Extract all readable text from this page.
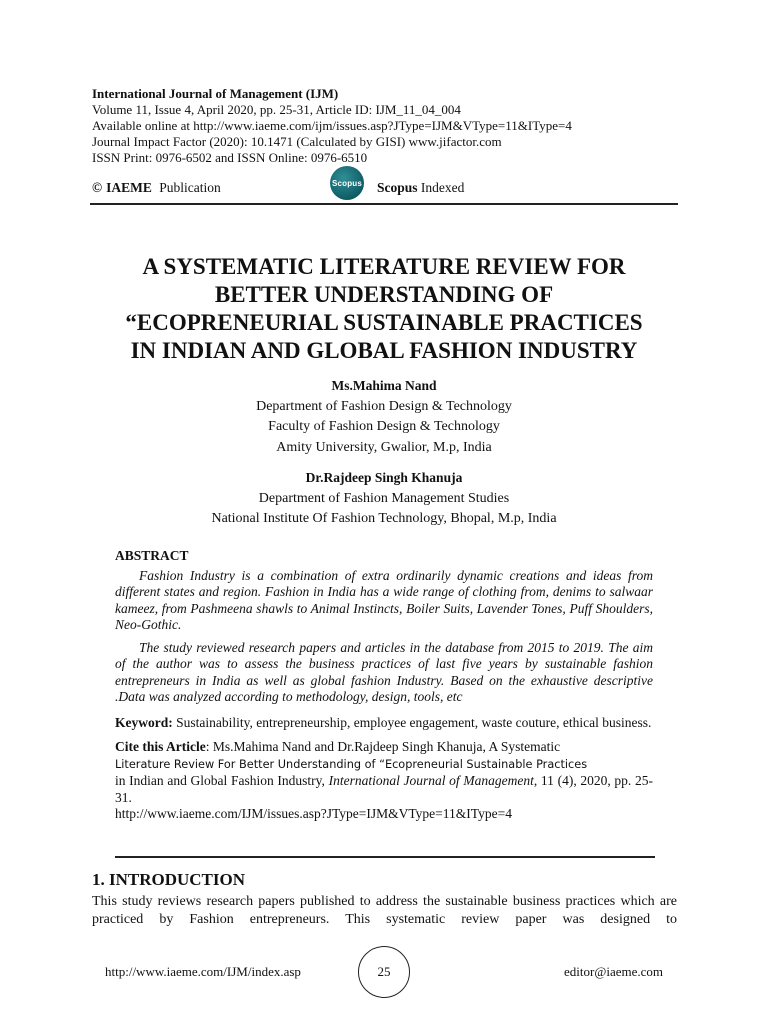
International Journal of Management (IJM)
Volume 11, Issue 4, April 2020, pp. 25-31, Article ID: IJM_11_04_004
Available online at http://www.iaeme.com/ijm/issues.asp?JType=IJM&VType=11&IType=4
Journal Impact Factor (2020): 10.1471 (Calculated by GISI) www.jifactor.com
ISSN Print: 0976-6502 and ISSN Online: 0976-6510
© IAEME Publication	Scopus Scopus Indexed
A SYSTEMATIC LITERATURE REVIEW FOR
BETTER UNDERSTANDING OF
“ECOPRENEURIAL SUSTAINABLE PRACTICES
IN INDIAN AND GLOBAL FASHION INDUSTRY
Ms.Mahima Nand
Department of Fashion Design & Technology
Faculty of Fashion Design & Technology
Amity University, Gwalior, M.p, India
Dr.Rajdeep Singh Khanuja
Department of Fashion Management Studies
National Institute Of Fashion Technology, Bhopal, M.p, India
ABSTRACT

Fashion Industry is a combination of extra ordinarily dynamic creations and ideas from different states and region. Fashion in India has a wide range of clothing from, denims to salwaar kameez, from Pashmeena shawls to Animal Instincts, Boiler Suits, Lavender Tones, Puff Shoulders, Neo-Gothic.

The study reviewed research papers and articles in the database from 2015 to 2019. The aim of the author was to assess the business practices of last five years by sustainable fashion entrepreneurs in India as well as global fashion Industry. Based on the exhaustive descriptive .Data was analyzed according to methodology, design, tools, etc

Keyword: Sustainability, entrepreneurship, employee engagement, waste couture, ethical business.

Cite this Article: Ms.Mahima Nand and Dr.Rajdeep Singh Khanuja, A Systematic
Literature Review For Better Understanding of “Ecopreneurial Sustainable Practices
in Indian and Global Fashion Industry, International Journal of Management, 11 (4), 2020, pp. 25-31.
http://www.iaeme.com/IJM/issues.asp?JType=IJM&VType=11&IType=4

1. INTRODUCTION
This study reviews research papers published to address the sustainable business practices which are practiced by Fashion entrepreneurs. This systematic review paper was designed to
http://www.iaeme.com/IJM/index.asp	25	editor@iaeme.com
